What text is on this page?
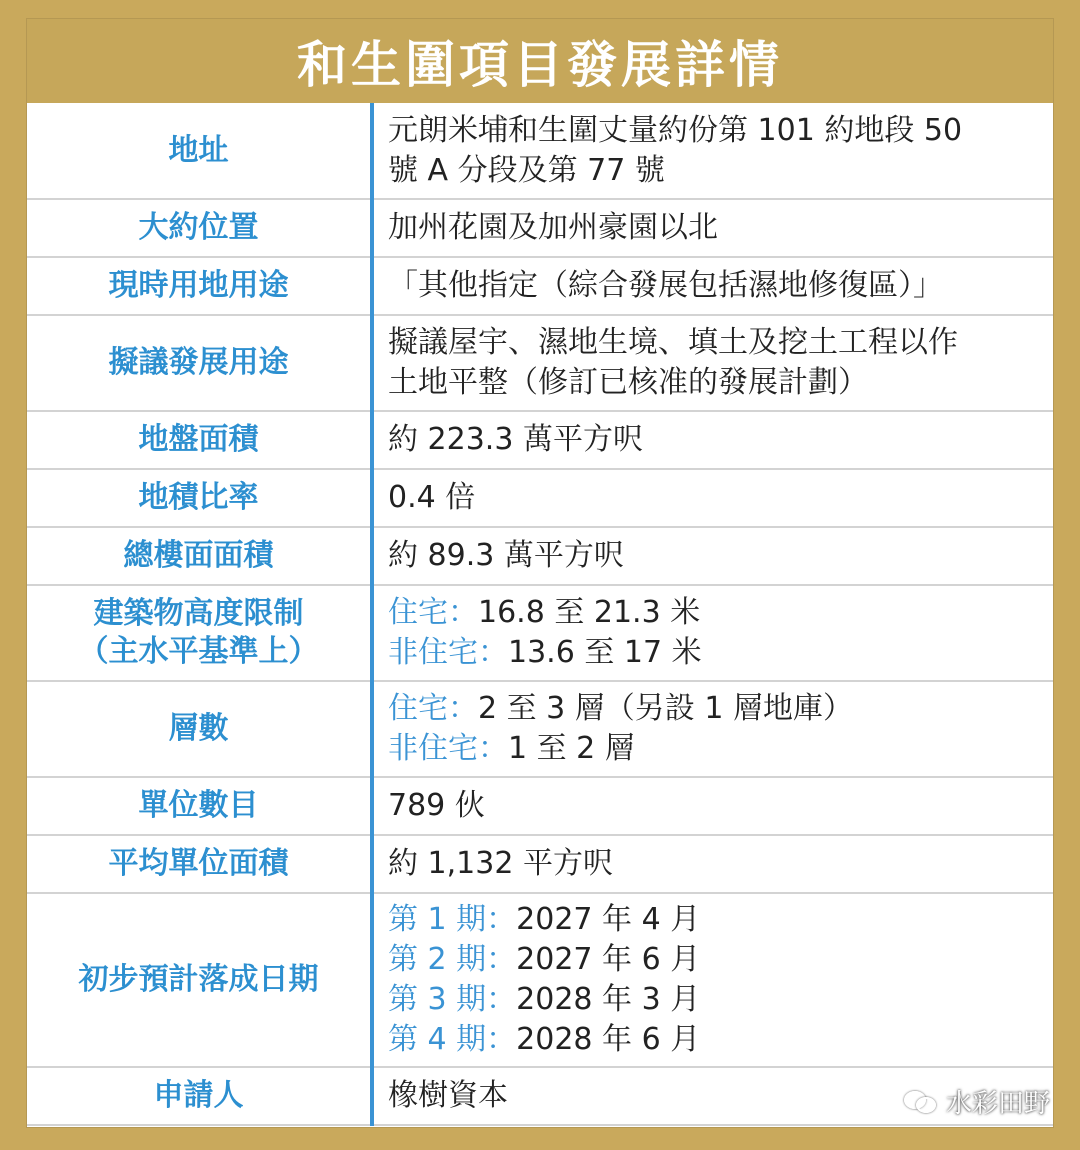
和生圍項目發展詳情
地址	元朗米埔和生圍丈量約份第 101 約地段 50
號 A 分段及第 77 號

大約位置	加州花園及加州豪園以北

現時用地用途	「其他指定（綜合發展包括濕地修復區）」

擬議發展用途	擬議屋宇、濕地生境、填土及挖土工程以作
土地平整（修訂已核准的發展計劃）

地盤面積	約 223.3 萬平方呎

地積比率	0.4 倍

總樓面面積	約 89.3 萬平方呎

建築物高度限制
（主水平基準上）	住宅：16.8 至 21.3 米
非住宅：13.6 至 17 米

層數	住宅：2 至 3 層（另設 1 層地庫）
非住宅：1 至 2 層

單位數目	789 伙

平均單位面積	約 1,132 平方呎

初步預計落成日期	第 1 期：2027 年 4 月
第 2 期：2027 年 6 月
第 3 期：2028 年 3 月
第 4 期：2028 年 6 月

申請人	橡樹資本	水彩田野
